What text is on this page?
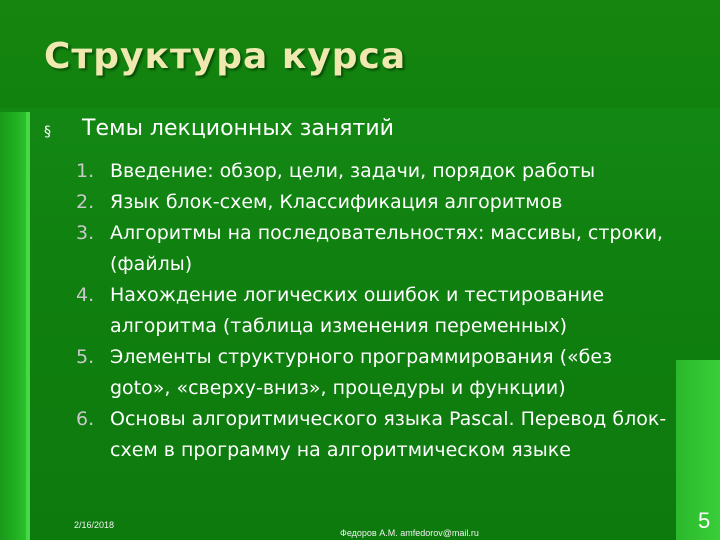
Структура курса
§ Темы лекционных занятий
1. Введение: обзор, цели, задачи, порядок работы
2. Язык блок-схем, Классификация алгоритмов
3. Алгоритмы на последовательностях: массивы, строки, (файлы)
4. Нахождение логических ошибок и тестирование алгоритма (таблица изменения переменных)
5. Элементы структурного программирования («без goto», «сверху-вниз», процедуры и функции)
6. Основы алгоритмического языка Pascal. Перевод блок-схем в программу на алгоритмическом языке
2/16/2018
Федоров А.М. amfedorov@mail.ru	5
